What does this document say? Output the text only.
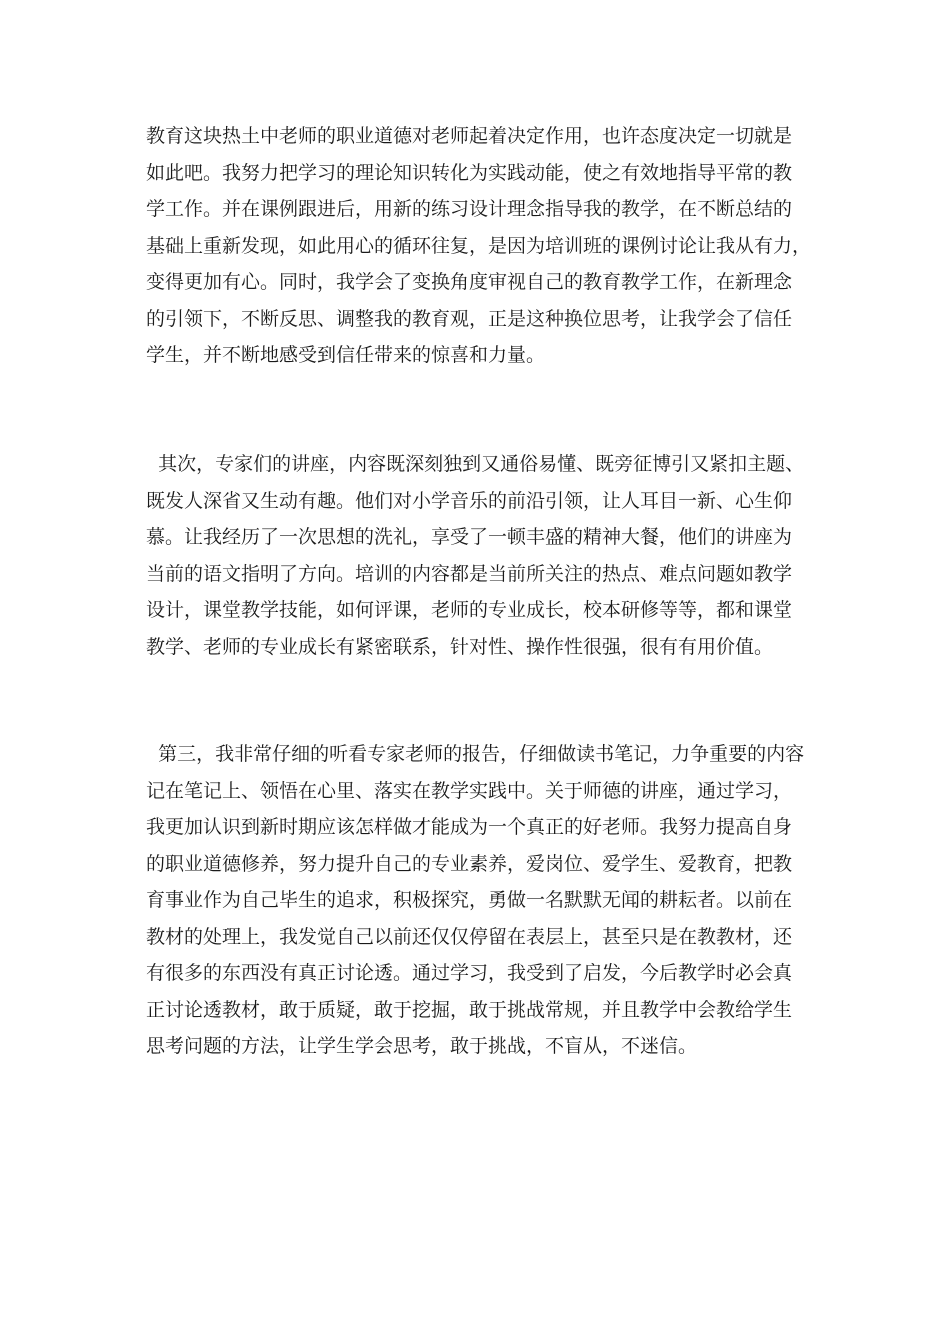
教育这块热土中老师的职业道德对老师起着决定作用，也许态度决定一切就是
如此吧。我努力把学习的理论知识转化为实践动能，使之有效地指导平常的教
学工作。并在课例跟进后，用新的练习设计理念指导我的教学，在不断总结的
基础上重新发现，如此用心的循环往复，是因为培训班的课例讨论让我从有力，
变得更加有心。同时，我学会了变换角度审视自己的教育教学工作，在新理念
的引领下，不断反思、调整我的教育观，正是这种换位思考，让我学会了信任
学生，并不断地感受到信任带来的惊喜和力量。

其次，专家们的讲座，内容既深刻独到又通俗易懂、既旁征博引又紧扣主题、
既发人深省又生动有趣。他们对小学音乐的前沿引领，让人耳目一新、心生仰
慕。让我经历了一次思想的洗礼，享受了一顿丰盛的精神大餐，他们的讲座为
当前的语文指明了方向。培训的内容都是当前所关注的热点、难点问题如教学
设计，课堂教学技能，如何评课，老师的专业成长，校本研修等等，都和课堂
教学、老师的专业成长有紧密联系，针对性、操作性很强，很有有用价值。

第三，我非常仔细的听看专家老师的报告，仔细做读书笔记，力争重要的内容
记在笔记上、领悟在心里、落实在教学实践中。关于师德的讲座，通过学习，
我更加认识到新时期应该怎样做才能成为一个真正的好老师。我努力提高自身
的职业道德修养，努力提升自己的专业素养，爱岗位、爱学生、爱教育，把教
育事业作为自己毕生的追求，积极探究，勇做一名默默无闻的耕耘者。以前在
教材的处理上，我发觉自己以前还仅仅停留在表层上，甚至只是在教教材，还
有很多的东西没有真正讨论透。通过学习，我受到了启发，今后教学时必会真
正讨论透教材，敢于质疑，敢于挖掘，敢于挑战常规，并且教学中会教给学生
思考问题的方法，让学生学会思考，敢于挑战，不盲从，不迷信。
